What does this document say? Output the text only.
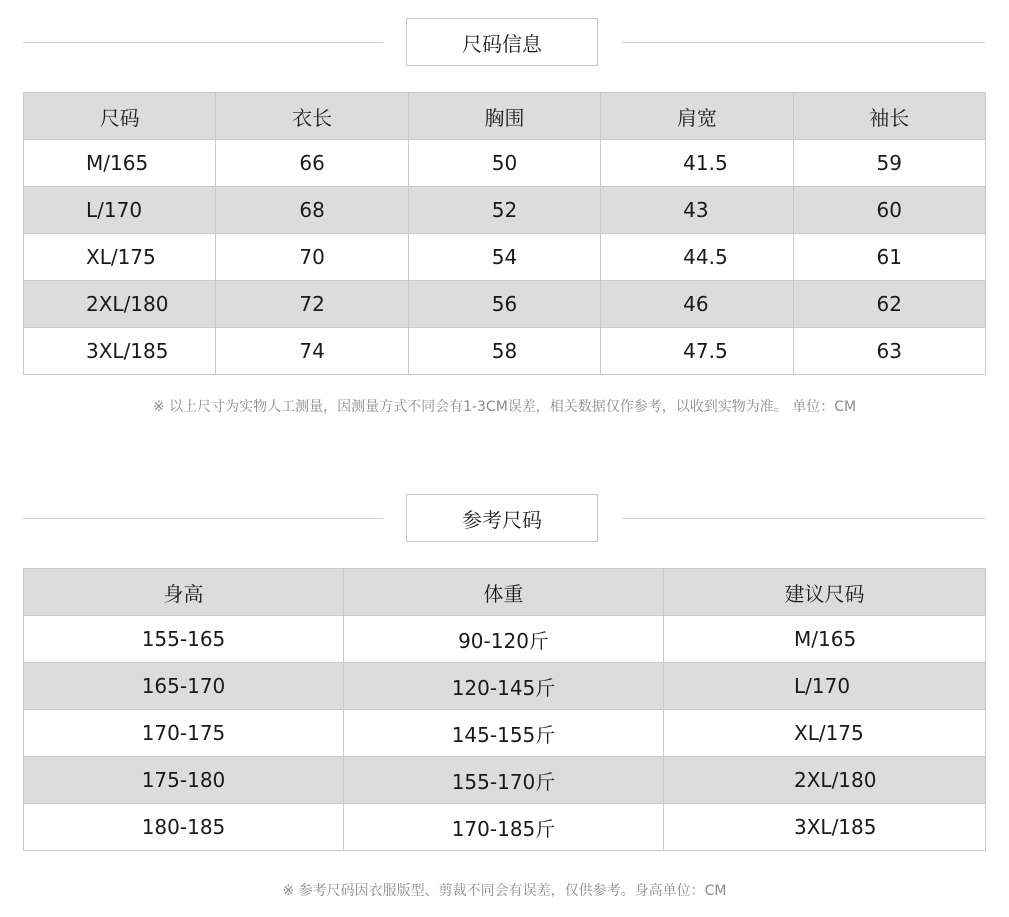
尺码信息
尺码	衣长	胸围	肩宽	袖长
M/165	66	50	41.5	59
L/170	68	52	43	60
XL/175	70	54	44.5	61
2XL/180	72	56	46	62
3XL/185	74	58	47.5	63
※ 以上尺寸为实物人工测量，因测量方式不同会有1-3CM误差，相关数据仅作参考，以收到实物为准。 单位：CM
参考尺码
身高	体重	建议尺码
155-165	90-120斤	M/165
165-170	120-145斤	L/170
170-175	145-155斤	XL/175
175-180	155-170斤	2XL/180
180-185	170-185斤	3XL/185
※ 参考尺码因衣服版型、剪裁不同会有误差，仅供参考。身高单位：CM
